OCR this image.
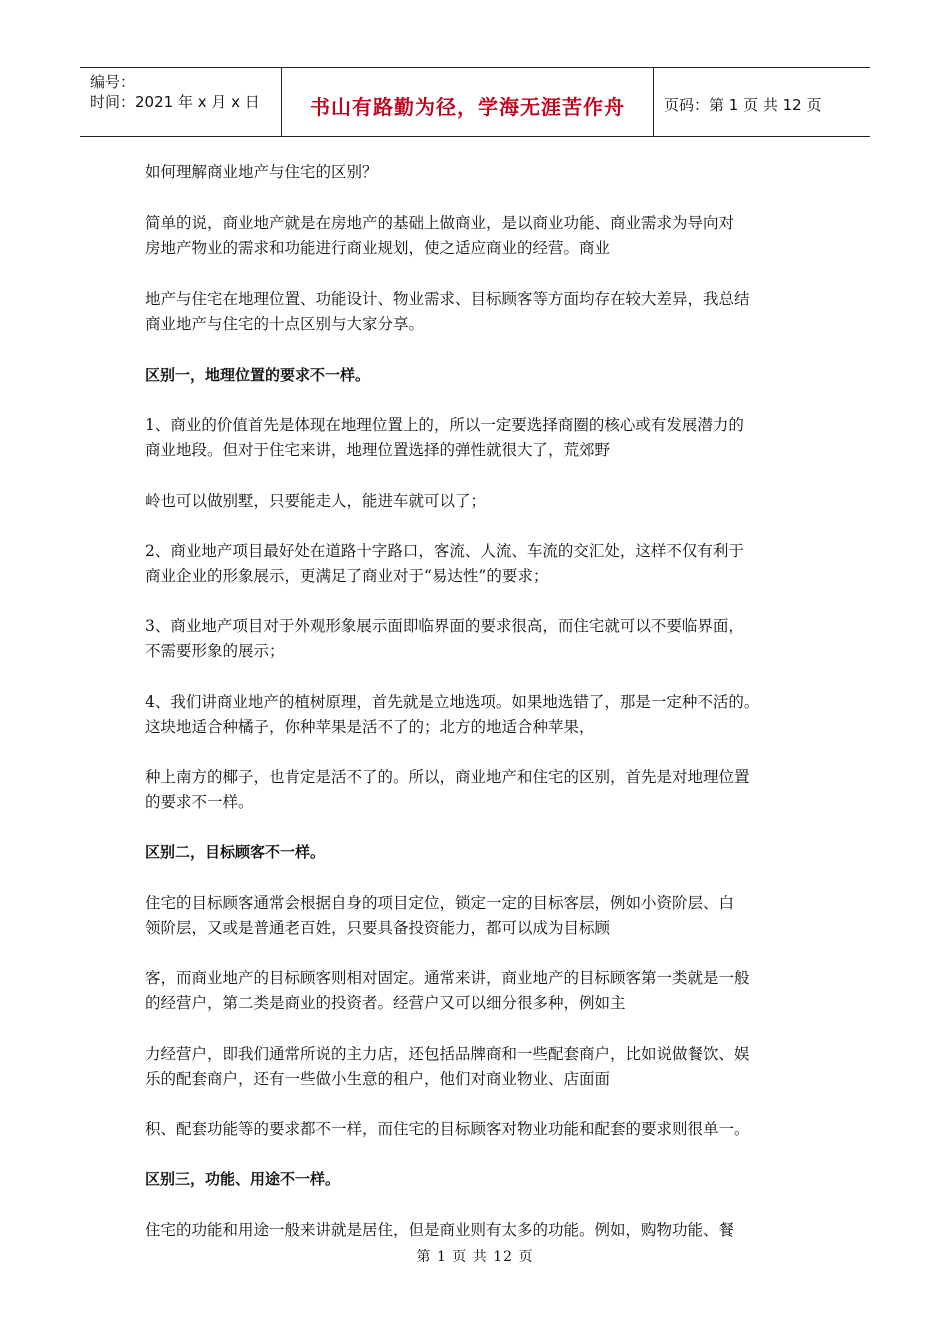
编号：
时间：2021 年 x 月 x 日	书山有路勤为径，学海无涯苦作舟	页码：第 1 页 共 12 页
如何理解商业地产与住宅的区别？
简单的说，商业地产就是在房地产的基础上做商业，是以商业功能、商业需求为导向对
房地产物业的需求和功能进行商业规划，使之适应商业的经营。商业
地产与住宅在地理位置、功能设计、物业需求、目标顾客等方面均存在较大差异，我总结
商业地产与住宅的十点区别与大家分享。
区别一，地理位置的要求不一样。
1、商业的价值首先是体现在地理位置上的，所以一定要选择商圈的核心或有发展潜力的
商业地段。但对于住宅来讲，地理位置选择的弹性就很大了，荒郊野
岭也可以做别墅，只要能走人，能进车就可以了；
2、商业地产项目最好处在道路十字路口，客流、人流、车流的交汇处，这样不仅有利于
商业企业的形象展示，更满足了商业对于“易达性”的要求；
3、商业地产项目对于外观形象展示面即临界面的要求很高，而住宅就可以不要临界面，
不需要形象的展示；
4、我们讲商业地产的植树原理，首先就是立地选项。如果地选错了，那是一定种不活的。
这块地适合种橘子，你种苹果是活不了的；北方的地适合种苹果，
种上南方的椰子，也肯定是活不了的。所以，商业地产和住宅的区别，首先是对地理位置
的要求不一样。
区别二，目标顾客不一样。
住宅的目标顾客通常会根据自身的项目定位，锁定一定的目标客层，例如小资阶层、白
领阶层，又或是普通老百姓，只要具备投资能力，都可以成为目标顾
客，而商业地产的目标顾客则相对固定。通常来讲，商业地产的目标顾客第一类就是一般
的经营户，第二类是商业的投资者。经营户又可以细分很多种，例如主
力经营户，即我们通常所说的主力店，还包括品牌商和一些配套商户，比如说做餐饮、娱
乐的配套商户，还有一些做小生意的租户，他们对商业物业、店面面
积、配套功能等的要求都不一样，而住宅的目标顾客对物业功能和配套的要求则很单一。
区别三，功能、用途不一样。
住宅的功能和用途一般来讲就是居住，但是商业则有太多的功能。例如，购物功能、餐
第 1 页 共 12 页
